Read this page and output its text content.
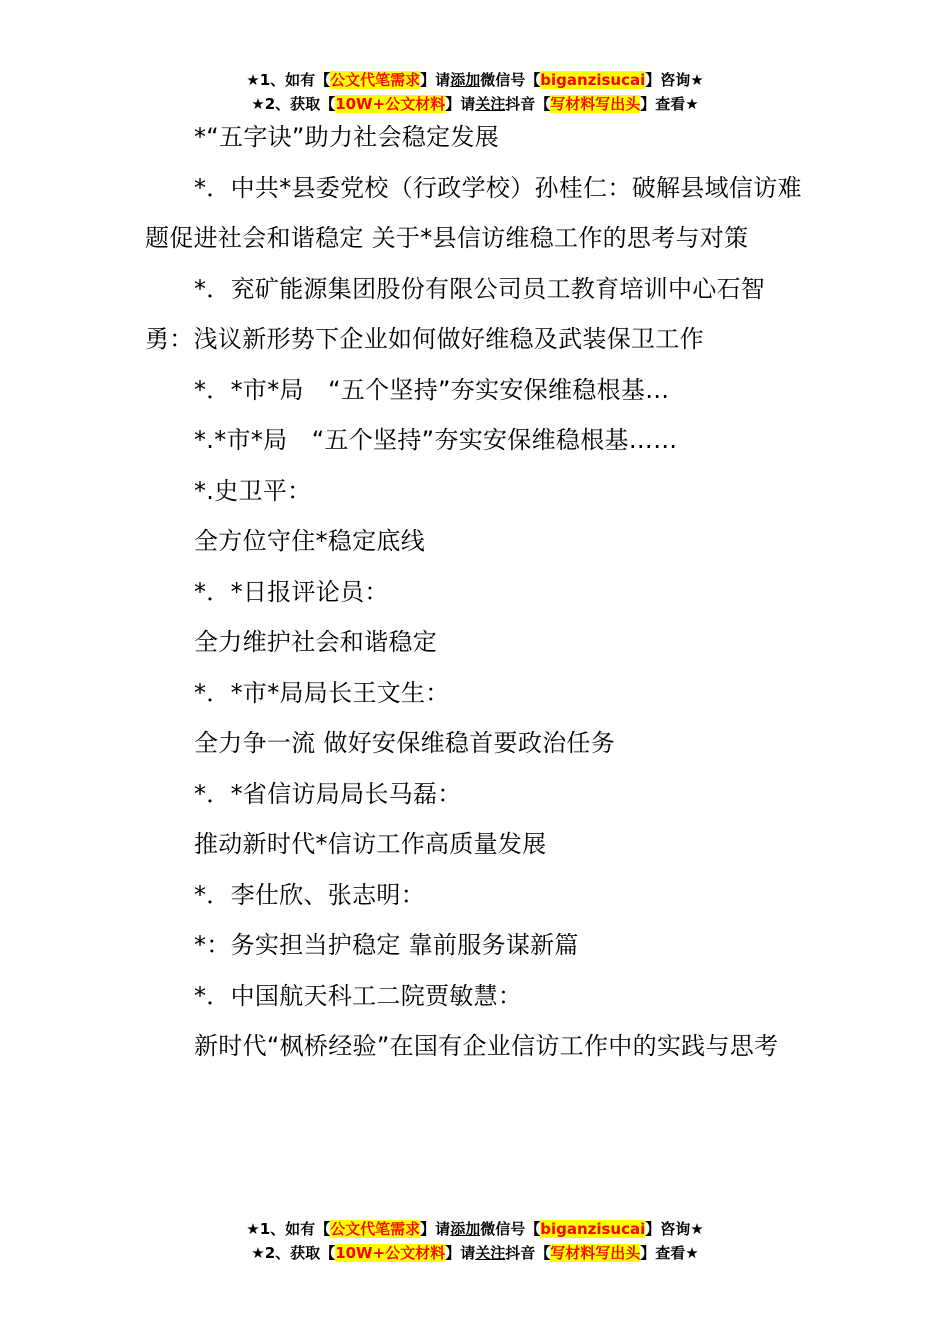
★1、如有【公文代笔需求】请添加微信号【biganzisucai】咨询★
★2、获取【10W+公文材料】请关注抖音【写材料写出头】查看★

*“五字诀”助力社会稳定发展

*．中共*县委党校（行政学校）孙桂仁：破解县域信访难题促进社会和谐稳定 关于*县信访维稳工作的思考与对策

*．兖矿能源集团股份有限公司员工教育培训中心石智勇：浅议新形势下企业如何做好维稳及武装保卫工作

*．*市*局　“五个坚持”夯实安保维稳根基…

*.*市*局　“五个坚持”夯实安保维稳根基……

*.史卫平：

全方位守住*稳定底线

*．*日报评论员：

全力维护社会和谐稳定

*．*市*局局长王文生：

全力争一流 做好安保维稳首要政治任务

*．*省信访局局长马磊：

推动新时代*信访工作高质量发展

*．李仕欣、张志明：

*：务实担当护稳定 靠前服务谋新篇

*．中国航天科工二院贾敏慧：

新时代“枫桥经验”在国有企业信访工作中的实践与思考

★1、如有【公文代笔需求】请添加微信号【biganzisucai】咨询★
★2、获取【10W+公文材料】请关注抖音【写材料写出头】查看★
